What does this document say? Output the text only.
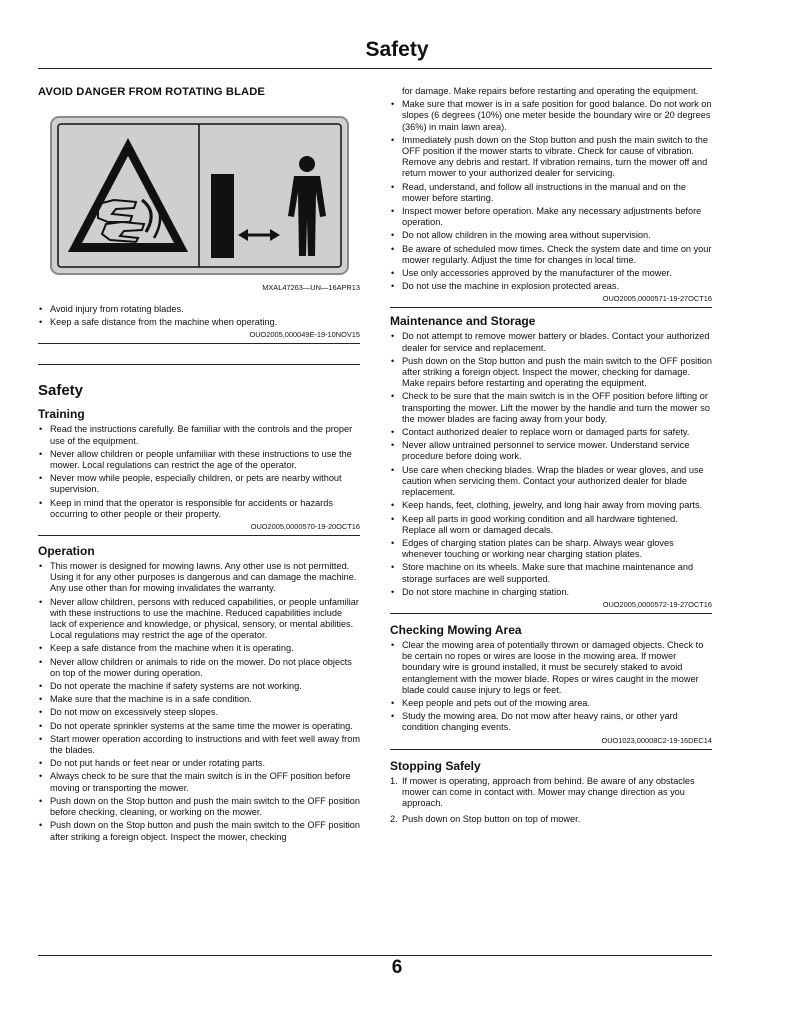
Safety
AVOID DANGER FROM ROTATING BLADE
MXAL47263—UN—16APR13
• Avoid injury from rotating blades.
• Keep a safe distance from the machine when operating.
OUO2005,000049E-19-10NOV15
Safety
Training
• Read the instructions carefully. Be familiar with the controls and the proper use of the equipment.
• Never allow children or people unfamiliar with these instructions to use the mower. Local regulations can restrict the age of the operator.
• Never mow while people, especially children, or pets are nearby without supervision.
• Keep in mind that the operator is responsible for accidents or hazards occurring to other people or their property.
OUO2005,0000570-19-20OCT16
Operation
• This mower is designed for mowing lawns. Any other use is not permitted. Using it for any other purposes is dangerous and can damage the machine. Any use other than for mowing invalidates the warranty.
• Never allow children, persons with reduced capabilities, or people unfamiliar with these instructions to use the machine. Reduced capabilities include lack of experience and knowledge, or physical, sensory, or mental abilities. Local regulations may restrict the age of the operator.
• Keep a safe distance from the machine when it is operating.
• Never allow children or animals to ride on the mower. Do not place objects on top of the mower during operation.
• Do not operate the machine if safety systems are not working.
• Make sure that the machine is in a safe condition.
• Do not mow on excessively steep slopes.
• Do not operate sprinkler systems at the same time the mower is operating.
• Start mower operation according to instructions and with feet well away from the blades.
• Do not put hands or feet near or under rotating parts.
• Always check to be sure that the main switch is in the OFF position before moving or transporting the mower.
• Push down on the Stop button and push the main switch to the OFF position before checking, cleaning, or working on the mower.
• Push down on the Stop button and push the main switch to the OFF position after striking a foreign object. Inspect the mower, checking
for damage. Make repairs before restarting and operating the equipment.
• Make sure that mower is in a safe position for good balance. Do not work on slopes (6 degrees (10%) one meter beside the boundary wire or 20 degrees (36%) in main lawn area).
• Immediately push down on the Stop button and push the main switch to the OFF position if the mower starts to vibrate. Check for cause of vibration. Remove any debris and restart. If vibration remains, turn the mower off and return mower to your authorized dealer for servicing.
• Read, understand, and follow all instructions in the manual and on the mower before starting.
• Inspect mower before operation. Make any necessary adjustments before operation.
• Do not allow children in the mowing area without supervision.
• Be aware of scheduled mow times. Check the system date and time on your mower regularly. Adjust the time for changes in local time.
• Use only accessories approved by the manufacturer of the mower.
• Do not use the machine in explosion protected areas.
OUO2005,0000571-19-27OCT16
Maintenance and Storage
• Do not attempt to remove mower battery or blades. Contact your authorized dealer for service and replacement.
• Push down on the Stop button and push the main switch to the OFF position after striking a foreign object. Inspect the mower, checking for damage. Make repairs before restarting and operating the equipment.
• Check to be sure that the main switch is in the OFF position before lifting or transporting the mower. Lift the mower by the handle and turn the mower so the mower blades are facing away from your body.
• Contact authorized dealer to replace worn or damaged parts for safety.
• Never allow untrained personnel to service mower. Understand service procedure before doing work.
• Use care when checking blades. Wrap the blades or wear gloves, and use caution when servicing them. Contact your authorized dealer for blade replacement.
• Keep hands, feet, clothing, jewelry, and long hair away from moving parts.
• Keep all parts in good working condition and all hardware tightened. Replace all worn or damaged decals.
• Edges of charging station plates can be sharp. Always wear gloves whenever touching or working near charging station plates.
• Store machine on its wheels. Make sure that machine maintenance and storage surfaces are well supported.
• Do not store machine in charging station.
OUO2005,0000572-19-27OCT16
Checking Mowing Area
• Clear the mowing area of potentially thrown or damaged objects. Check to be certain no ropes or wires are loose in the mowing area. If mower boundary wire is ground installed, it must be securely staked to avoid entanglement with the mower blade. Ropes or wires caught in the mower blade could cause injury to legs or feet.
• Keep people and pets out of the mowing area.
• Study the mowing area. Do not mow after heavy rains, or other yard condition changing events.
OUO1023,00008C2-19-16DEC14
Stopping Safely
1. If mower is operating, approach from behind. Be aware of any obstacles mower can come in contact with. Mower may change direction as you approach.
2. Push down on Stop button on top of mower.
6
